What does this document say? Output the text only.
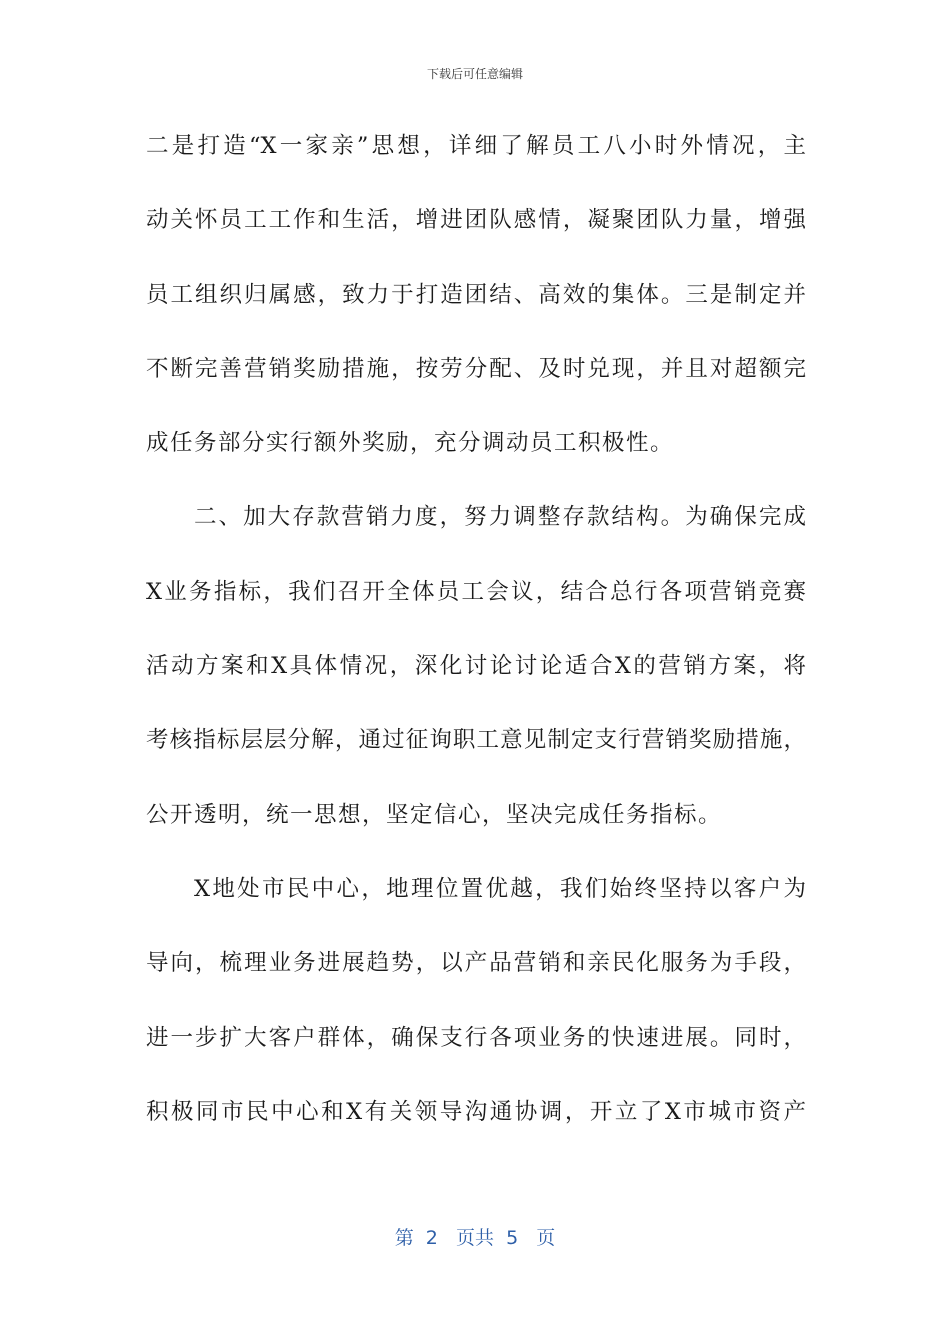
下载后可任意编辑
二是打造“X一家亲”思想，详细了解员工八小时外情况，主
动关怀员工工作和生活，增进团队感情，凝聚团队力量，增强
员工组织归属感，致力于打造团结、高效的集体。三是制定并
不断完善营销奖励措施，按劳分配、及时兑现，并且对超额完
成任务部分实行额外奖励，充分调动员工积极性。
二、加大存款营销力度，努力调整存款结构。为确保完成
X业务指标，我们召开全体员工会议，结合总行各项营销竞赛
活动方案和X具体情况，深化讨论讨论适合X的营销方案，将
考核指标层层分解，通过征询职工意见制定支行营销奖励措施，
公开透明，统一思想，坚定信心，坚决完成任务指标。
X地处市民中心，地理位置优越，我们始终坚持以客户为
导向，梳理业务进展趋势，以产品营销和亲民化服务为手段，
进一步扩大客户群体，确保支行各项业务的快速进展。同时，
积极同市民中心和X有关领导沟通协调，开立了X市城市资产
第  2   页共  5   页
